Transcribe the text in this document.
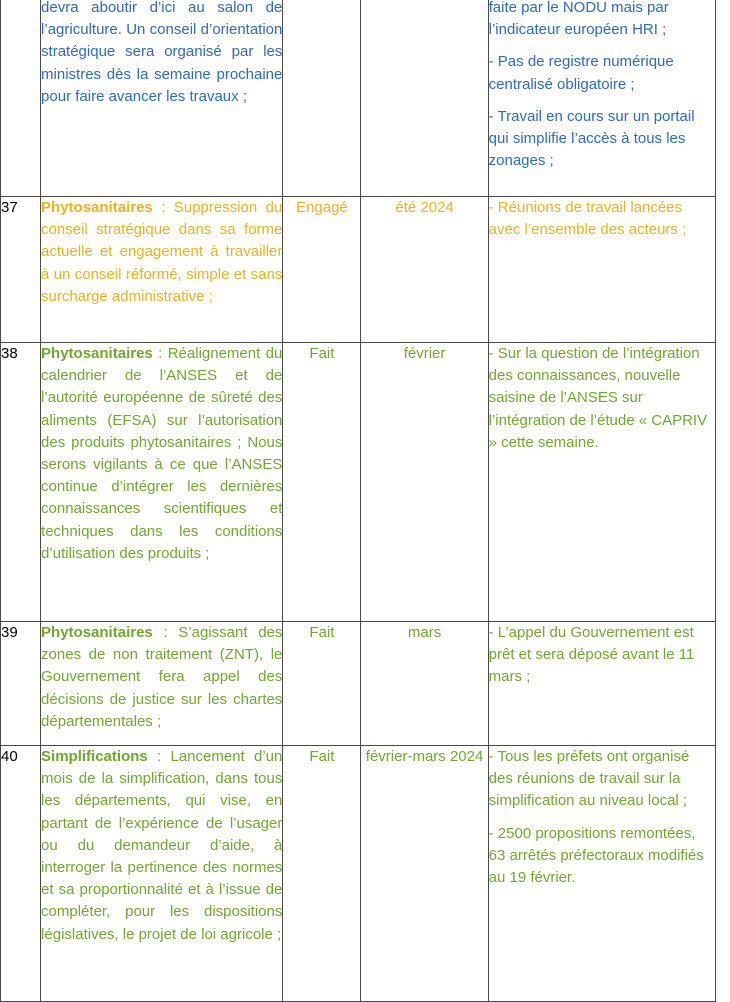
	devra aboutir d’ici au salon de l’agriculture. Un conseil d’orientation stratégique sera organisé par les ministres dès la semaine prochaine pour faire avancer les travaux ;			faite par le NODU mais par l’indicateur européen HRI ;

- Pas de registre numérique centralisé obligatoire ;

- Travail en cours sur un portail qui simplifie l’accès à tous les zonages ;

37	Phytosanitaires : Suppression du conseil stratégique dans sa forme actuelle et engagement à travailler à un conseil réformé, simple et sans surcharge administrative ;	Engagé	été 2024	- Réunions de travail lancées avec l’ensemble des acteurs ;

38	Phytosanitaires : Réalignement du calendrier de l’ANSES et de l’autorité européenne de sûreté des aliments (EFSA) sur l’autorisation des produits phytosanitaires ; Nous serons vigilants à ce que l’ANSES continue d’intégrer les dernières connaissances scientifiques et techniques dans les conditions d’utilisation des produits ;	Fait	février	- Sur la question de l’intégration des connaissances, nouvelle saisine de l’ANSES sur l’intégration de l’étude « CAPRIV » cette semaine.

39	Phytosanitaires : S’agissant des zones de non traitement (ZNT), le Gouvernement fera appel des décisions de justice sur les chartes départementales ;	Fait	mars	- L’appel du Gouvernement est prêt et sera déposé avant le 11 mars ;

40	Simplifications : Lancement d’un mois de la simplification, dans tous les départements, qui vise, en partant de l’expérience de l’usager ou du demandeur d’aide, à interroger la pertinence des normes et sa proportionnalité et à l’issue de compléter, pour les dispositions législatives, le projet de loi agricole ;	Fait	février-mars 2024	- Tous les préfets ont organisé des réunions de travail sur la simplification au niveau local ;

- 2500 propositions remontées, 63 arrêtés préfectoraux modifiés au 19 février.
